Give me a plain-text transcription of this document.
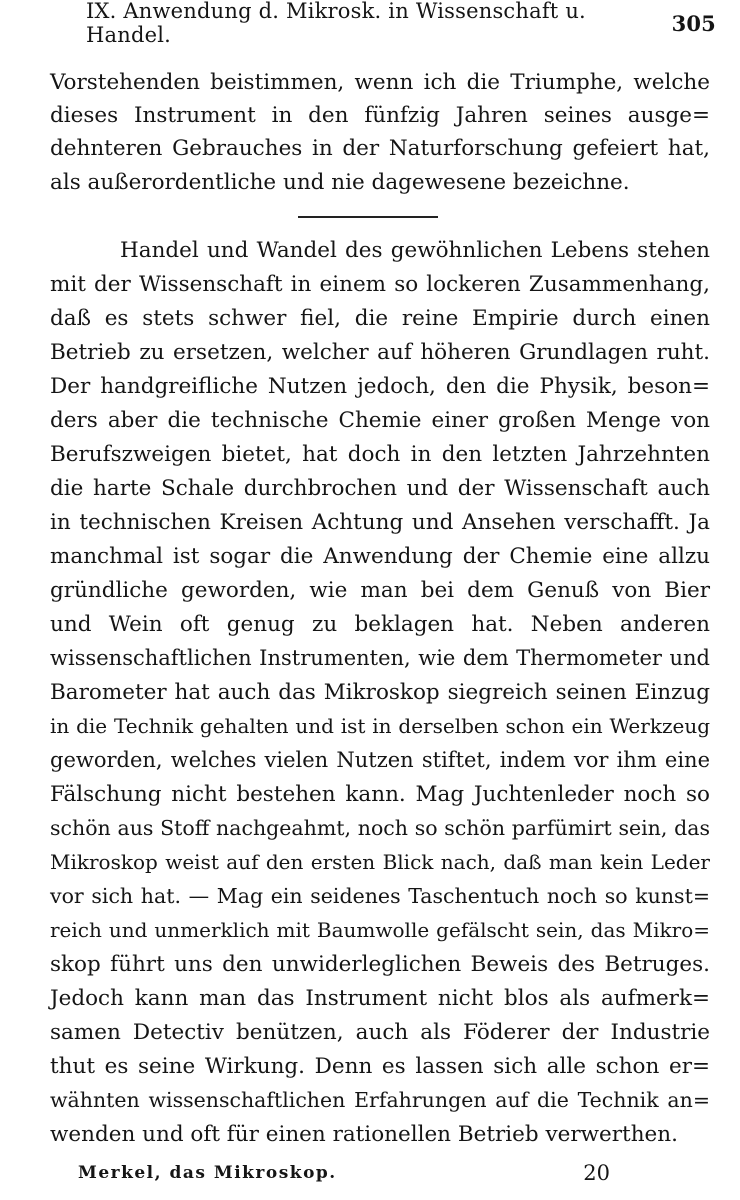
IX. Anwendung d. Mikrosk. in Wissenschaft u. Handel.	305
Vorstehenden beistimmen, wenn ich die Triumphe, welche
dieses Instrument in den fünfzig Jahren seines ausge=
dehnteren Gebrauches in der Naturforschung gefeiert hat,
als außerordentliche und nie dagewesene bezeichne.
Handel und Wandel des gewöhnlichen Lebens stehen
mit der Wissenschaft in einem so lockeren Zusammenhang,
daß es stets schwer fiel, die reine Empirie durch einen
Betrieb zu ersetzen, welcher auf höheren Grundlagen ruht.
Der handgreifliche Nutzen jedoch, den die Physik, beson=
ders aber die technische Chemie einer großen Menge von
Berufszweigen bietet, hat doch in den letzten Jahrzehnten
die harte Schale durchbrochen und der Wissenschaft auch
in technischen Kreisen Achtung und Ansehen verschafft. Ja
manchmal ist sogar die Anwendung der Chemie eine allzu
gründliche geworden, wie man bei dem Genuß von Bier
und Wein oft genug zu beklagen hat. Neben anderen
wissenschaftlichen Instrumenten, wie dem Thermometer und
Barometer hat auch das Mikroskop siegreich seinen Einzug
in die Technik gehalten und ist in derselben schon ein Werkzeug
geworden, welches vielen Nutzen stiftet, indem vor ihm eine
Fälschung nicht bestehen kann. Mag Juchtenleder noch so
schön aus Stoff nachgeahmt, noch so schön parfümirt sein, das
Mikroskop weist auf den ersten Blick nach, daß man kein Leder
vor sich hat. — Mag ein seidenes Taschentuch noch so kunst=
reich und unmerklich mit Baumwolle gefälscht sein, das Mikro=
skop führt uns den unwiderleglichen Beweis des Betruges.
Jedoch kann man das Instrument nicht blos als aufmerk=
samen Detectiv benützen, auch als Föderer der Industrie
thut es seine Wirkung. Denn es lassen sich alle schon er=
wähnten wissenschaftlichen Erfahrungen auf die Technik an=
wenden und oft für einen rationellen Betrieb verwerthen.
Merkel, das Mikroskop.	20
